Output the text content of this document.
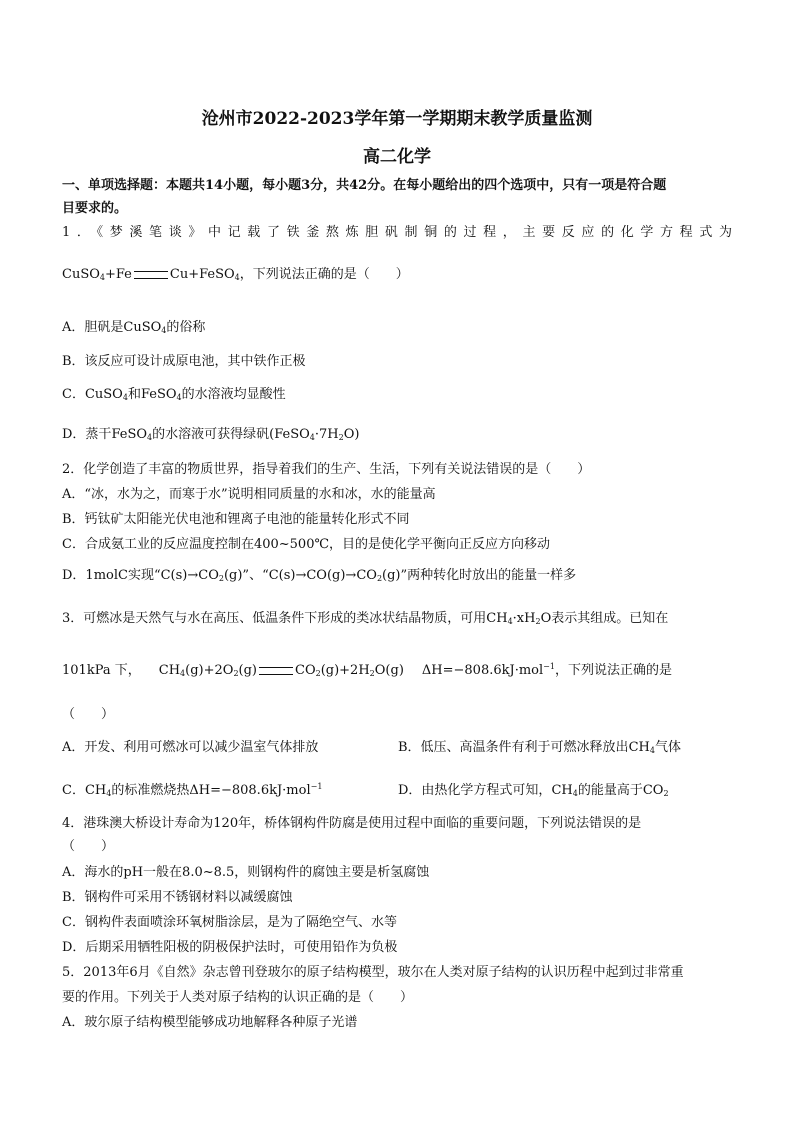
沧州市2022-2023学年第一学期期末教学质量监测
高二化学
一、单项选择题：本题共14小题，每小题3分，共42分。在每小题给出的四个选项中，只有一项是符合题
目要求的。
1．《梦溪笔谈》中记载了铁釜熬炼胆矾制铜的过程，主要反应的化学方程式为
CuSO$_4$+Fe	Cu+FeSO$_4$，下列说法正确的是（　　）
A．胆矾是CuSO$_4$的俗称
B．该反应可设计成原电池，其中铁作正极
C．CuSO$_4$和FeSO$_4$的水溶液均显酸性
D．蒸干FeSO$_4$的水溶液可获得绿矾$(FeSO_4\cdot 7H_2O)$
2．化学创造了丰富的物质世界，指导着我们的生产、生活，下列有关说法错误的是（　　）
A．“冰，水为之，而寒于水”说明相同质量的水和冰，水的能量高
B．钙钛矿太阳能光伏电池和锂离子电池的能量转化形式不同
C．合成氨工业的反应温度控制在400~500℃，目的是使化学平衡向正反应方向移动
D．1molC实现“$C(s)\to CO_2(g)$”、“$C(s)\to CO(g)\to CO_2(g)$”两种转化时放出的能量一样多
3．可燃冰是天然气与水在高压、低温条件下形成的类冰状结晶物质，可用$CH_4\cdot xH_2O$表示其组成。已知在
101kPa 下， $CH_4(g)+2O_2(g)$	$CO_2(g)+2H_2O(g)$ ΔH=−808.6kJ·mol$^{-1}$，下列说法正确的是
（　　）
A．开发、利用可燃冰可以减少温室气体排放	B．低压、高温条件有利于可燃冰释放出$CH_4$气体
C．$CH_4$的标准燃烧热ΔH=−808.6kJ·mol$^{-1}$	D．由热化学方程式可知，$CH_4$的能量高于$CO_2$
4．港珠澳大桥设计寿命为120年，桥体钢构件防腐是使用过程中面临的重要问题，下列说法错误的是
（　　）
A．海水的pH一般在8.0~8.5，则钢构件的腐蚀主要是析氢腐蚀
B．钢构件可采用不锈钢材料以减缓腐蚀
C．钢构件表面喷涂环氧树脂涂层，是为了隔绝空气、水等
D．后期采用牺牲阳极的阴极保护法时，可使用铅作为负极
5．2013年6月《自然》杂志曾刊登玻尔的原子结构模型，玻尔在人类对原子结构的认识历程中起到过非常重
要的作用。下列关于人类对原子结构的认识正确的是（　　）
A．玻尔原子结构模型能够成功地解释各种原子光谱
